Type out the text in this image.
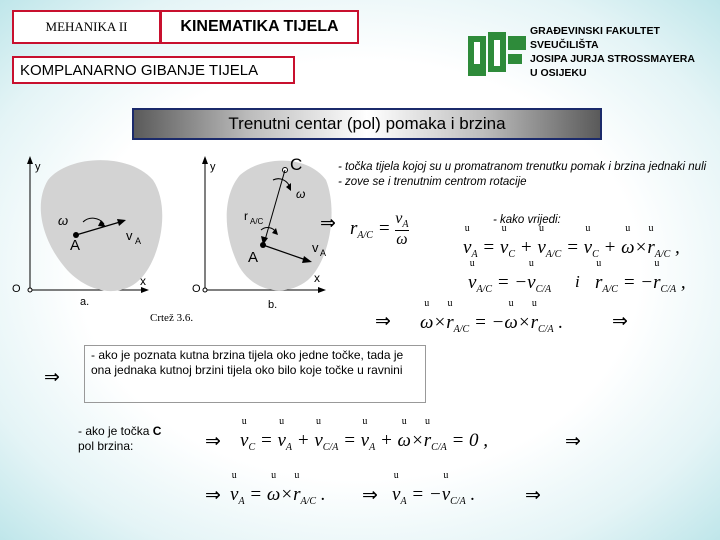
MEHANIKA II	KINEMATIKA TIJELA
KOMPLANARNO GIBANJE TIJELA
GRAĐEVINSKI FAKULTET
SVEUČILIŠTA
JOSIPA JURJA STROSSMAYERA
U OSIJEKU
Trenutni centar (pol) pomaka i brzina
y
x
O
A
ω
v A
a.
y
x
O
C
A
ω
r A/C
v A
b.
Crtež 3.6.
- točka tijela kojoj su u promatranom trenutku pomak i brzina jednaki nuli - zove se i trenutnim centrom rotacije
⇒ $r_{A/C} = \frac{v_A}{\omega}$	- kako vrijedi:
u $v_A = u$ $v_C + u$ $v_{A/C} = u$ $v_C + u$ ω×u $r_{A/C}$ ,
u $v_{A/C} = -u$ $v_{C/A}$ i u $r_{A/C} = -u$ $r_{C/A}$ ,
⇒ u ω×u $r_{A/C} = -u$ ω×u $r_{C/A}$ .	⇒
⇒
- ako je poznata kutna brzina tijela oko jedne točke, tada je ona jednaka kutnoj brzini tijela oko bilo koje točke u ravnini
- ako je točka C
pol brzina:	⇒ u $v_C = u$ $v_A + u$ $v_{C/A} = u$ $v_A + u$ ω×u $r_{C/A} = 0$ ,	⇒
⇒ u $v_A = u$ ω×u $r_{A/C}$ . ⇒ u $v_A = -u$ $v_{C/A}$ .	⇒
